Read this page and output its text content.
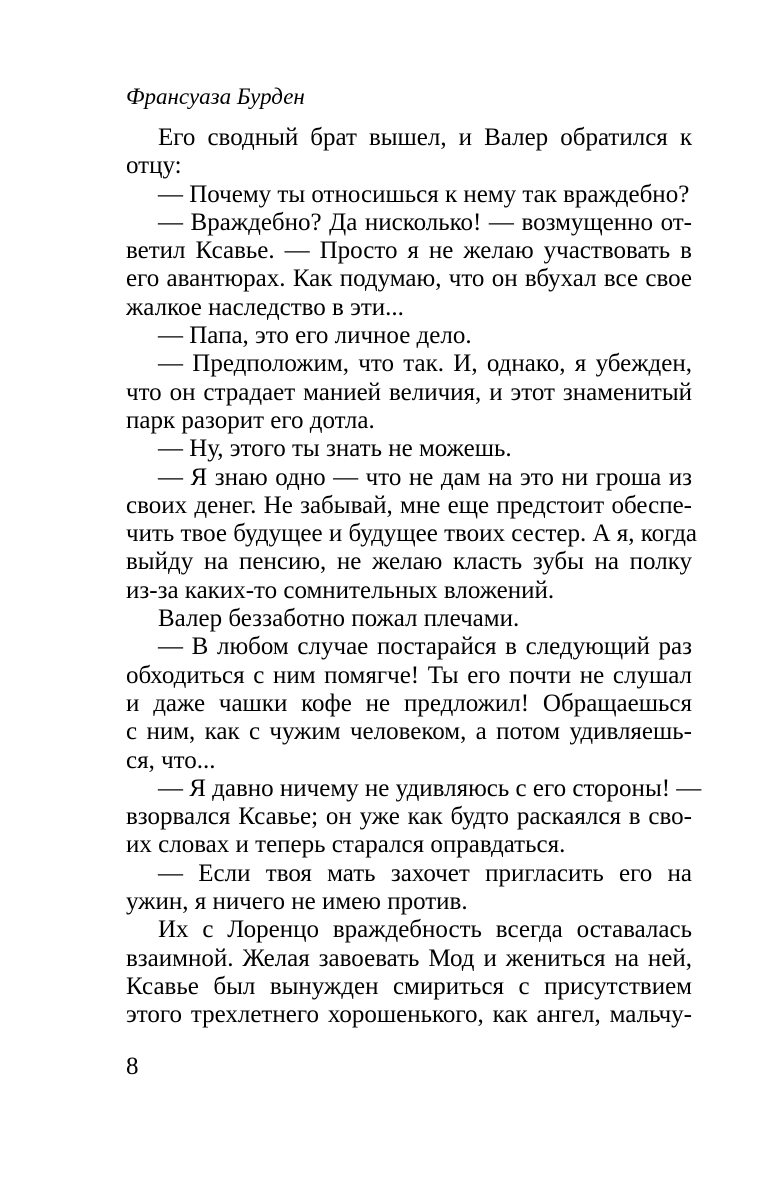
Франсуаза Бурден
Его сводный брат вышел, и Валер обратился к
отцу:
— Почему ты относишься к нему так враждебно?
— Враждебно? Да нисколько! — возмущенно от-
ветил Ксавье. — Просто я не желаю участвовать в
его авантюрах. Как подумаю, что он вбухал все свое
жалкое наследство в эти...
— Папа, это его личное дело.
— Предположим, что так. И, однако, я убежден,
что он страдает манией величия, и этот знаменитый
парк разорит его дотла.
— Ну, этого ты знать не можешь.
— Я знаю одно — что не дам на это ни гроша из
своих денег. Не забывай, мне еще предстоит обеспе-
чить твое будущее и будущее твоих сестер. А я, когда
выйду на пенсию, не желаю класть зубы на полку
из-за каких-то сомнительных вложений.
Валер беззаботно пожал плечами.
— В любом случае постарайся в следующий раз
обходиться с ним помягче! Ты его почти не слушал
и даже чашки кофе не предложил! Обращаешься
с ним, как с чужим человеком, а потом удивляешь-
ся, что...
— Я давно ничему не удивляюсь с его стороны! —
взорвался Ксавье; он уже как будто раскаялся в сво-
их словах и теперь старался оправдаться.
— Если твоя мать захочет пригласить его на
ужин, я ничего не имею против.
Их с Лоренцо враждебность всегда оставалась
взаимной. Желая завоевать Мод и жениться на ней,
Ксавье был вынужден смириться с присутствием
этого трехлетнего хорошенького, как ангел, мальчу-
8
